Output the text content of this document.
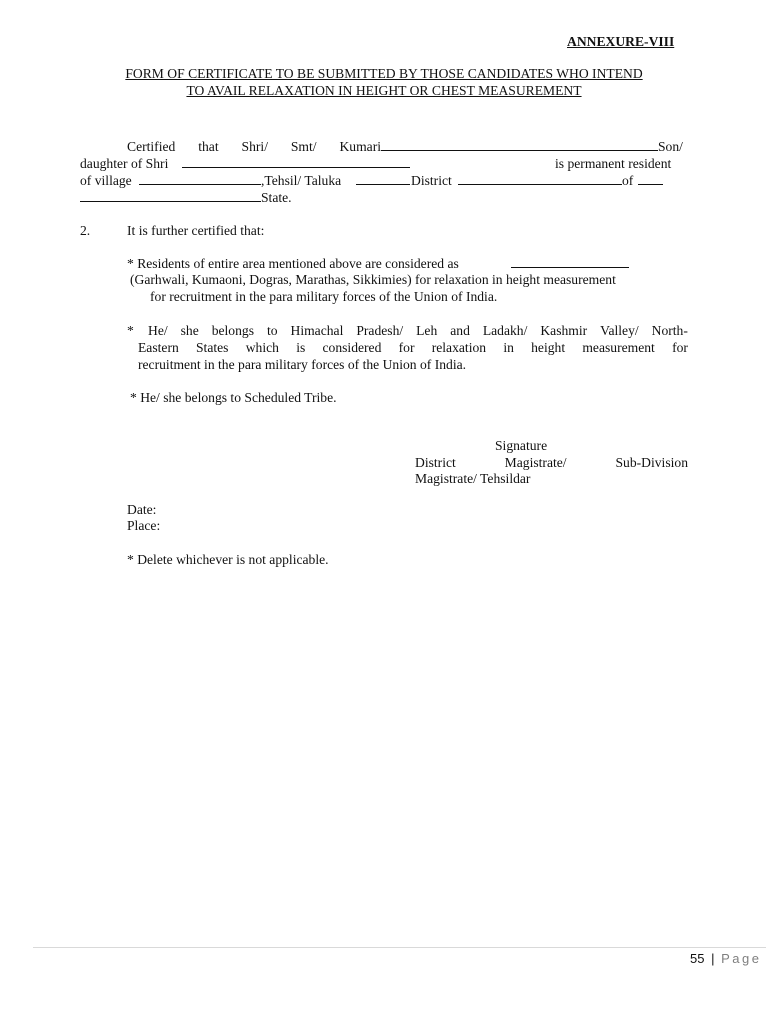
ANNEXURE-VIII
FORM OF CERTIFICATE TO BE SUBMITTED BY THOSE CANDIDATES WHO INTEND
TO AVAIL RELAXATION IN HEIGHT OR CHEST MEASUREMENT
Certified that Shri/ Smt/ Kumari	Son/
daughter of Shri	is permanent resident
of village	,Tehsil/ Taluka	District	of
State.
2.	It is further certified that:
* Residents of entire area mentioned above are considered as
(Garhwali, Kumaoni, Dogras, Marathas, Sikkimies) for relaxation in height measurement
for recruitment in the para military forces of the Union of India.
* He/ she belongs to Himachal Pradesh/ Leh and Ladakh/ Kashmir Valley/ North-
Eastern States which is considered for relaxation in height measurement for
recruitment in the para military forces of the Union of India.
* He/ she belongs to Scheduled Tribe.
Signature
District	Magistrate/	Sub-Division
Magistrate/ Tehsildar
Date:
Place:
* Delete whichever is not applicable.
55 | Page
